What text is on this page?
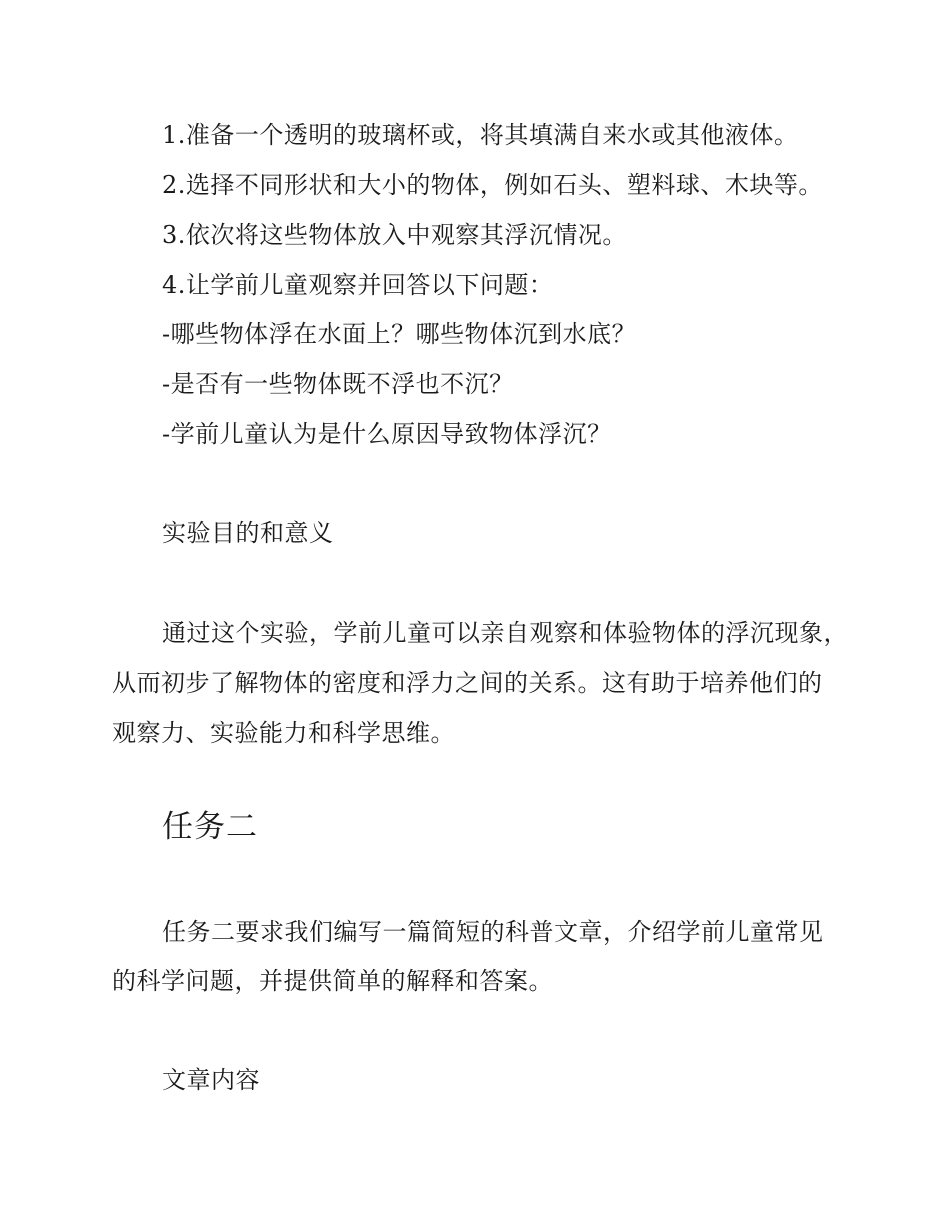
1.准备一个透明的玻璃杯或，将其填满自来水或其他液体。
2.选择不同形状和大小的物体，例如石头、塑料球、木块等。
3.依次将这些物体放入中观察其浮沉情况。
4.让学前儿童观察并回答以下问题：
-哪些物体浮在水面上？哪些物体沉到水底？
-是否有一些物体既不浮也不沉？
-学前儿童认为是什么原因导致物体浮沉？
实验目的和意义
通过这个实验，学前儿童可以亲自观察和体验物体的浮沉现象，
从而初步了解物体的密度和浮力之间的关系。这有助于培养他们的
观察力、实验能力和科学思维。
任务二
任务二要求我们编写一篇简短的科普文章，介绍学前儿童常见
的科学问题，并提供简单的解释和答案。
文章内容
